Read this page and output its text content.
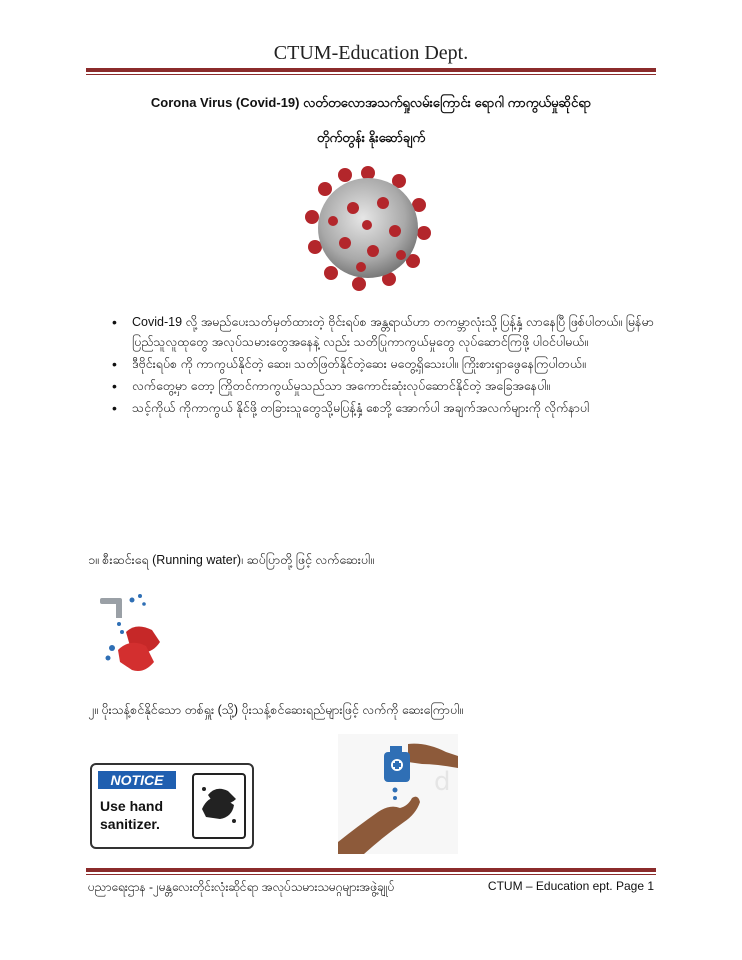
CTUM-Education Dept.
Corona Virus (Covid-19) လတ်တလောအသက်ရှုလမ်းကြောင်း ရောဂါ ကာကွယ်မှုဆိုင်ရာ
တိုက်တွန်း နိုးဆော်ချက်
• Covid-19 လို့ အမည်ပေးသတ်မှတ်ထားတဲ့ ဗိုင်းရပ်စ အန္တရာယ်ဟာ တကမ္ဘာလုံးသို့ပြန့်နှံ့ လာနေပြီ ဖြစ်ပါတယ်။ မြန်မာပြည်သူလူထုတွေ အလုပ်သမားတွေအနေနဲ့ လည်း သတိပြုကာကွယ်မှုတွေ လုပ်ဆောင်ကြဖို့ ပါဝင်ပါမယ်။
• ဒီဗိုင်းရပ်စ ကို ကာကွယ်နိုင်တဲ့ ဆေး၊ သတ်ဖြတ်နိုင်တဲ့ဆေး မတွေ့ရှိသေးပါ။ ကြိုးစားရှာဖွေနေကြပါတယ်။
• လက်တွေ့မှာ တော့ ကြိုတင်ကာကွယ်မှုသည်သာ အကောင်းဆုံးလုပ်ဆောင်နိုင်တဲ့ အခြေအနေပါ။
• သင့်ကိုယ် ကိုကာကွယ် နိုင်ဖို့ တခြားသူတွေသို့မပြန့်နှံ့ စေဘို့ အောက်ပါ အချက်အလက်များကို လိုက်နာပါ
၁။ စီးဆင်းရေ (Running water)၊ ဆပ်ပြာတို့ ဖြင့် လက်ဆေးပါ။
၂။ ပိုးသန့်စင်နိုင်သော တစ်ရှူး (သို့) ပိုးသန့်စင်ဆေးရည်များဖြင့် လက်ကို ဆေးကြောပါ။
NOTICE
Use hand
sanitizer.
d
ပညာရေးဌာန -၂မန္တလေးတိုင်းလုံးဆိုင်ရာ အလုပ်သမားသမဂ္ဂများအဖွဲ့ချုပ်	CTUM – Education ept. Page 1
